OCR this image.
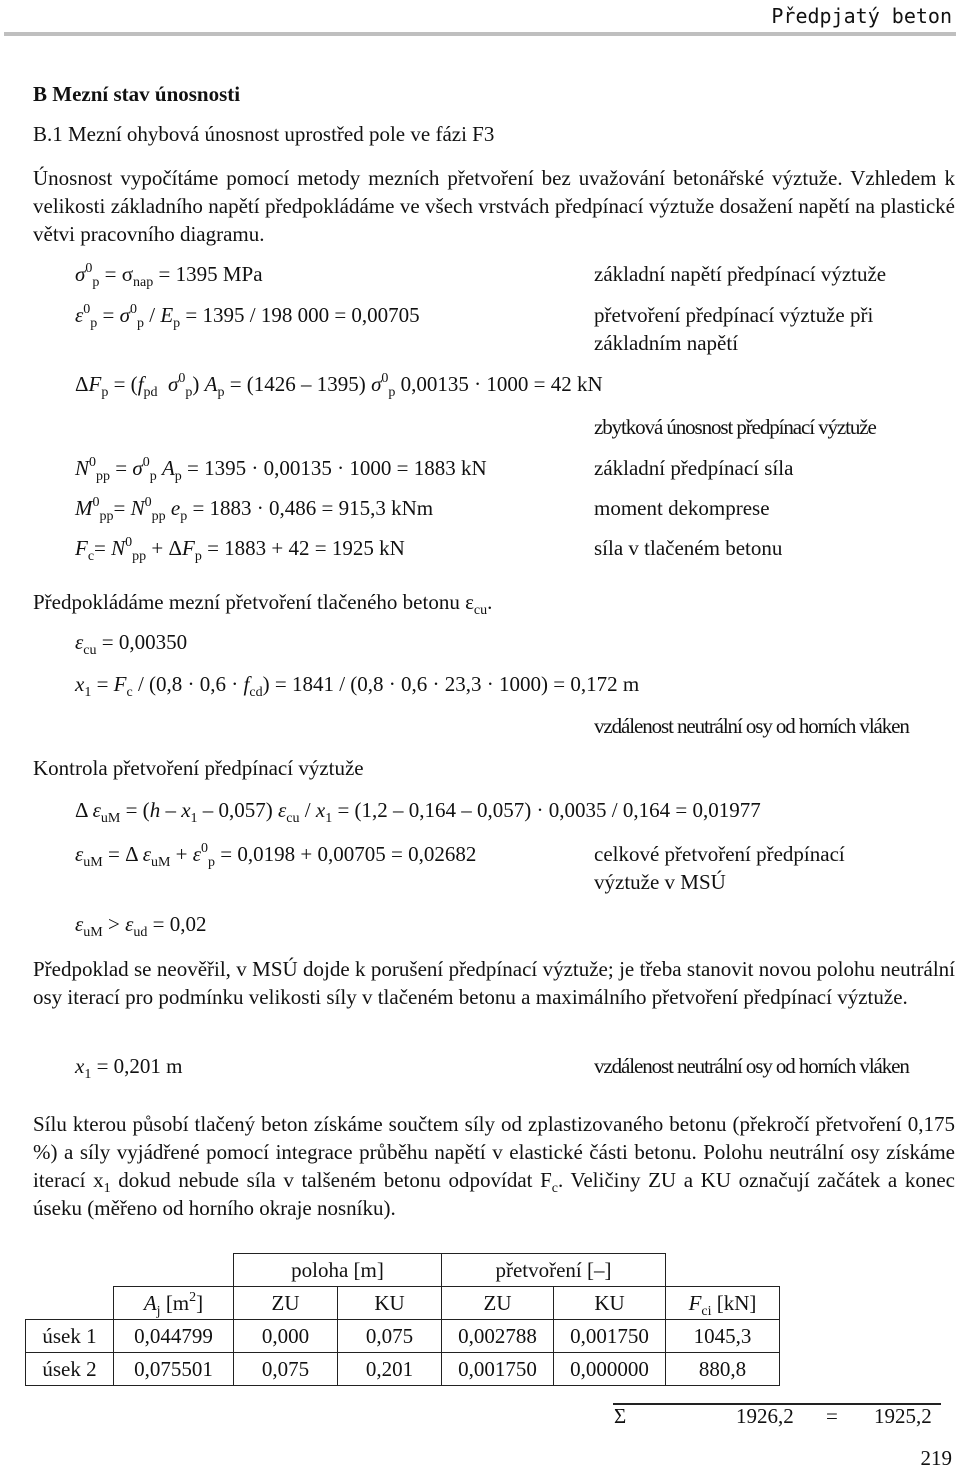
Předpjatý beton
B Mezní stav únosnosti
B.1 Mezní ohybová únosnost uprostřed pole ve fázi F3
Únosnost vypočítáme pomocí metody mezních přetvoření bez uvažování betonářské výztuže. Vzhledem k velikosti základního napětí předpokládáme ve všech vrstvách předpínací výztuže dosažení napětí na plastické větvi pracovního diagramu.
$\sigma^0_p = \sigma_{nap} = 1395$ MPa	základní napětí předpínací výztuže
$\varepsilon^0_p = \sigma^0_p / E_p = 1395 / 198$ 000 = 0,00705	přetvoření předpínací výztuže při
základním napětí
$\Delta F_p = (f_{pd}$ $\sigma^0_p$) $A_p = (1426 - 1395)$ $\sigma^0_p$ 0,00135 · 1000 = 42 kN
zbytková únosnost předpínací výztuže
$N^0_{pp} = \sigma^0_p$ $A_p = 1395 \cdot 0,00135 \cdot 1000 = 1883$ kN	základní předpínací síla
$M^0_{pp}= N^0_{pp}$ $e_p = 1883 \cdot 0,486 = 915,3$ kNm	moment dekomprese
$F_c= N^0_{pp} + \Delta F_p = 1883 + 42 = 1925$ kN	síla v tlačeném betonu
Předpokládáme mezní přetvoření tlačeného betonu $\varepsilon_{cu}$.
$\varepsilon_{cu} = 0,00350$
$x_1 = F_c / (0,8 \cdot 0,6 \cdot f_{cd}) = 1841 / (0,8 \cdot 0,6 \cdot 23,3 \cdot 1000) = 0,172$ m
vzdálenost neutrální osy od horních vláken
Kontrola přetvoření předpínací výztuže
Δ $\varepsilon_{uM} = (h - x_1 - 0,057)$ $\varepsilon_{cu} / x_1 = (1,2 - 0,164 - 0,057) \cdot 0,0035 / 0,164 = 0,01977$
$\varepsilon_{uM} = \Delta$ $\varepsilon_{uM} + \varepsilon^0_p = 0,0198 + 0,00705 = 0,02682$	celkové přetvoření předpínací
výztuže v MSÚ
$\varepsilon_{uM} > \varepsilon_{ud} = 0,02$
Předpoklad se neověřil, v MSÚ dojde k porušení předpínací výztuže; je třeba stanovit novou polohu neutrální osy iterací pro podmínku velikosti síly v tlačeném betonu a maximálního přetvoření předpínací výztuže.
$x_1 = 0,201$ m	vzdálenost neutrální osy od horních vláken
Sílu kterou působí tlačený beton získáme součtem síly od zplastizovaného betonu (překročí přetvoření 0,175 %) a síly vyjádřené pomocí integrace průběhu napětí v elastické části betonu. Polohu neutrální osy získáme iterací $x_1$ dokud nebude síla v talšeném betonu odpovídat $F_c$. Veličiny ZU a KU označují začátek a konec úseku (měřeno od horního okraje nosníku).
		poloha [m]		přetvoření [–]		
	$A_j$ $[m^2]$	ZU	KU	ZU	KU	$F_{ci}$ [kN]
úsek 1	0,044799	0,000	0,075	0,002788	0,001750	1045,3
úsek 2	0,075501	0,075	0,201	0,001750	0,000000	880,8
Σ	1926,2 = 1925,2
219
